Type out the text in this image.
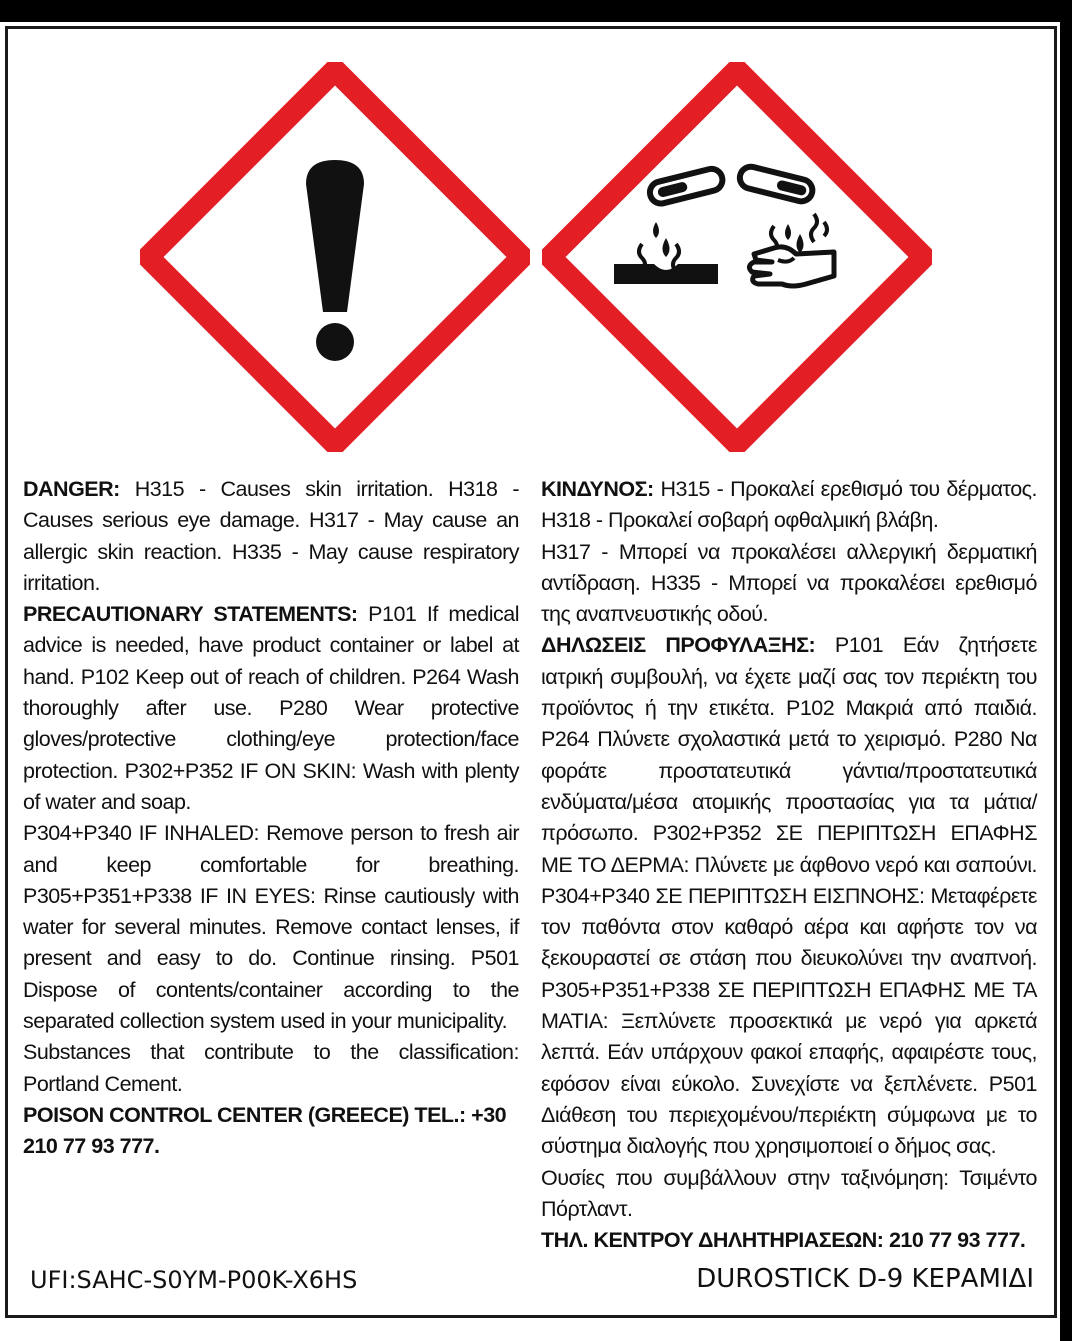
DANGER: H315 - Causes skin irritation. H318 - Causes serious eye damage. H317 - May cause an allergic skin reaction. H335 - May cause respiratory irritation.

PRECAUTIONARY STATEMENTS: P101 If medical advice is needed, have product container or label at hand. P102 Keep out of reach of children. P264 Wash thoroughly after use. P280 Wear protective gloves/protective clothing/eye protection/face protection. P302+P352 IF ON SKIN: Wash with plenty of water and soap.

P304+P340 IF INHALED: Remove person to fresh air and keep comfortable for breathing. P305+P351+P338 IF IN EYES: Rinse cautiously with water for several minutes. Remove contact lenses, if present and easy to do. Continue rinsing. P501 Dispose of contents/container according to the separated collection system used in your municipality.

Substances that contribute to the classification: Portland Cement.

POISON CONTROL CENTER (GREECE) TEL.: +30 210 77 93 777.

ΚΙΝΔΥΝΟΣ: H315 - Προκαλεί ερεθισμό του δέρματος. H318 - Προκαλεί σοβαρή οφθαλμική βλάβη.

H317 - Μπορεί να προκαλέσει αλλεργική δερματική αντίδραση. H335 - Μπορεί να προκαλέσει ερεθισμό της αναπνευστικής οδού.

ΔΗΛΩΣΕΙΣ ΠΡΟΦΥΛΑΞΗΣ: P101 Εάν ζητήσετε ιατρική συμβουλή, να έχετε μαζί σας τον περιέκτη του προϊόντος ή την ετικέτα. P102 Μακριά από παιδιά. P264 Πλύνετε σχολαστικά μετά το χειρισμό. P280 Να φοράτε προστατευτικά γάντια/προστατευτικά ενδύματα/μέσα ατομικής προστασίας για τα μάτια/πρόσωπο. P302+P352 ΣΕ ΠΕΡΙΠΤΩΣΗ ΕΠΑΦΗΣ ΜΕ ΤΟ ΔΕΡΜΑ: Πλύνετε με άφθονο νερό και σαπούνι. P304+P340 ΣΕ ΠΕΡΙΠΤΩΣΗ ΕΙΣΠΝΟΗΣ: Μεταφέρετε τον παθόντα στον καθαρό αέρα και αφήστε τον να ξεκουραστεί σε στάση που διευκολύνει την αναπνοή. P305+P351+P338 ΣΕ ΠΕΡΙΠΤΩΣΗ ΕΠΑΦΗΣ ΜΕ ΤΑ ΜΑΤΙΑ: Ξεπλύνετε προσεκτικά με νερό για αρκετά λεπτά. Εάν υπάρχουν φακοί επαφής, αφαιρέστε τους, εφόσον είναι εύκολο. Συνεχίστε να ξεπλένετε. P501 Διάθεση του περιεχομένου/περιέκτη σύμφωνα με το σύστημα διαλογής που χρησιμοποιεί ο δήμος σας.

Ουσίες που συμβάλλουν στην ταξινόμηση: Τσιμέντο Πόρτλαντ.

ΤΗΛ. ΚΕΝΤΡΟΥ ΔΗΛΗΤΗΡΙΑΣΕΩΝ: 210 77 93 777.

UFI:SAHC-S0YM-P00K-X6HS	DUROSTICK D-9 ΚΕΡΑΜΙΔΙ
